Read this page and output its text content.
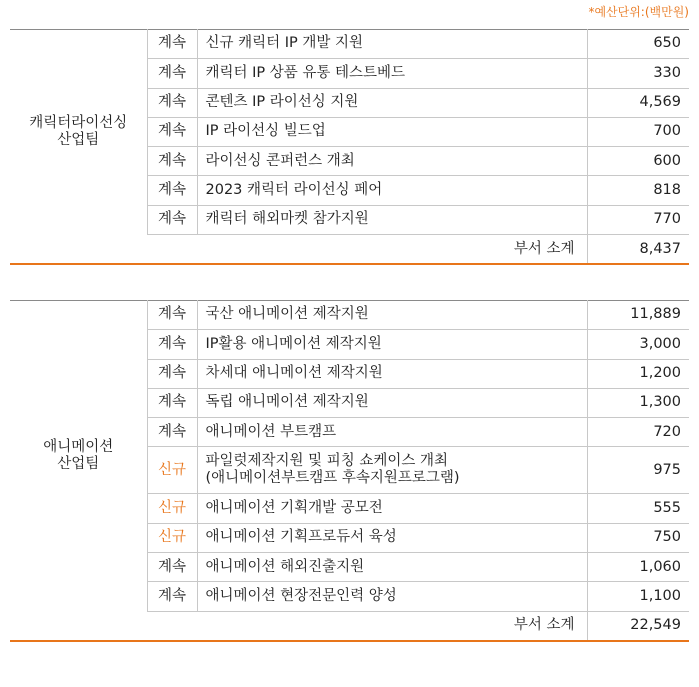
*예산단위:(백만원)
캐릭터라이선싱
산업팀	계속	신규 캐릭터 IP 개발 지원	650
	계속	캐릭터 IP 상품 유통 테스트베드	330
	계속	콘텐츠 IP 라이선싱 지원	4,569
	계속	IP 라이선싱 빌드업	700
	계속	라이선싱 콘퍼런스 개최	600
	계속	2023 캐릭터 라이선싱 페어	818
	계속	캐릭터 해외마켓 참가지원	770
부서 소계			8,437
애니메이션
산업팀	계속	국산 애니메이션 제작지원	11,889
	계속	IP활용 애니메이션 제작지원	3,000
	계속	차세대 애니메이션 제작지원	1,200
	계속	독립 애니메이션 제작지원	1,300
	계속	애니메이션 부트캠프	720
	신규	파일럿제작지원 및 피칭 쇼케이스 개최
(애니메이션부트캠프 후속지원프로그램)	975
	신규	애니메이션 기획개발 공모전	555
	신규	애니메이션 기획프로듀서 육성	750
	계속	애니메이션 해외진출지원	1,060
	계속	애니메이션 현장전문인력 양성	1,100
부서 소계			22,549
